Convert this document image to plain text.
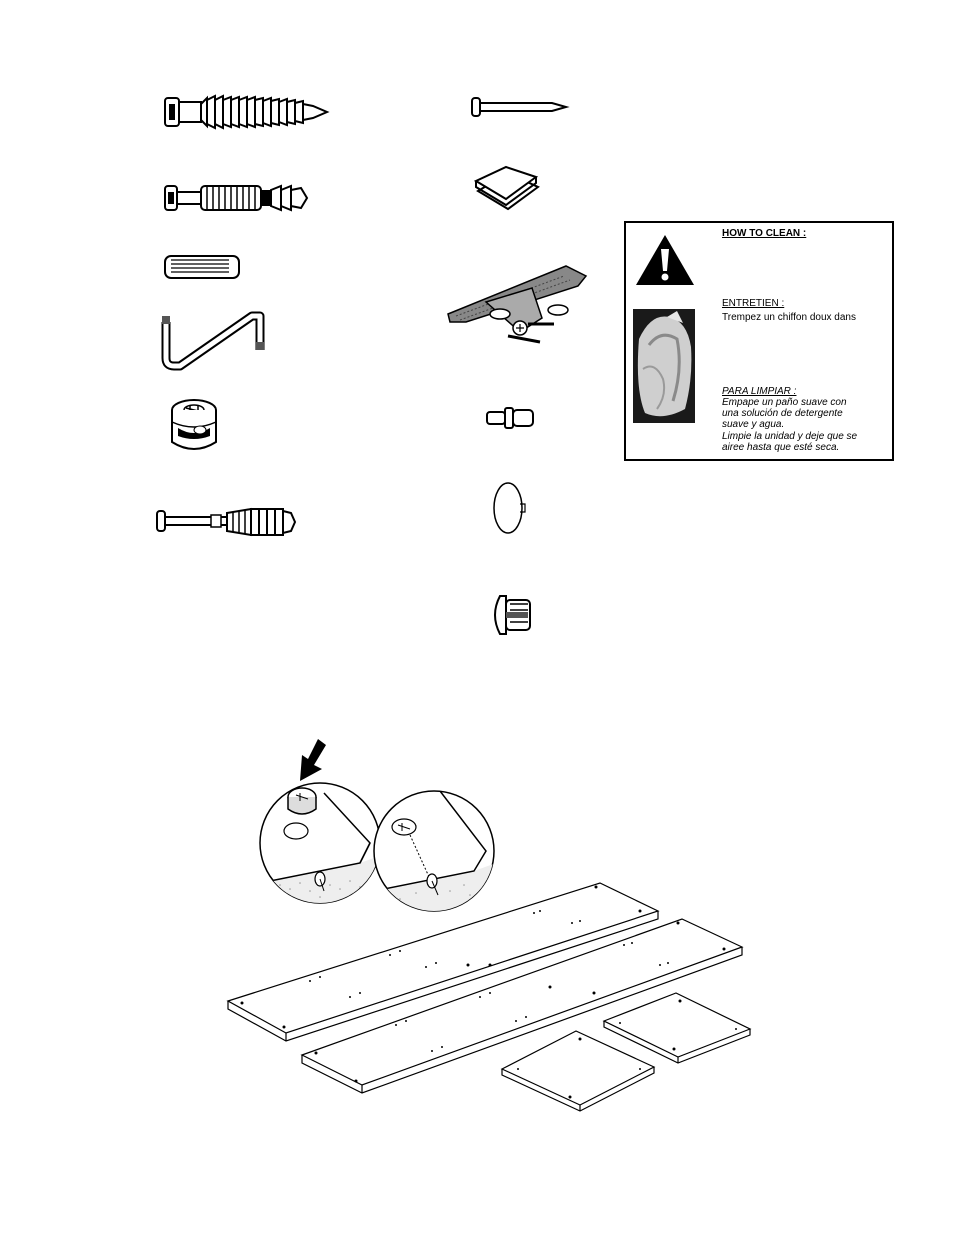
HOW TO CLEAN :
ENTRETIEN :
Trempez un chiffon doux dans
PARA LIMPIAR :
Empape un paño suave con
una solución de detergente
suave y agua.
Limpie la unidad y deje que se
airee hasta que esté seca.
